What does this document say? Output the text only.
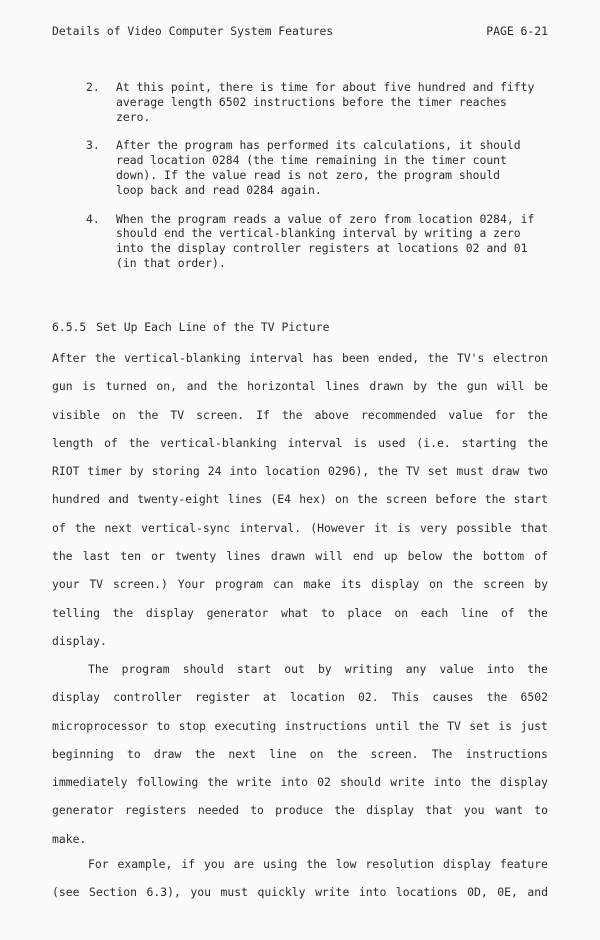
Details of Video Computer System Features	PAGE 6-21
2.	At this point, there is time for about five hundred and fifty
average length 6502 instructions before the timer reaches
zero.
3.	After the program has performed its calculations, it should
read location 0284 (the time remaining in the timer count
down). If the value read is not zero, the program should
loop back and read 0284 again.
4.	When the program reads a value of zero from location 0284, if
should end the vertical-blanking interval by writing a zero
into the display controller registers at locations 02 and 01
(in that order).
6.5.5 Set Up Each Line of the TV Picture
After the vertical-blanking interval has been ended, the TV's electron
gun is turned on, and the horizontal lines drawn by the gun will be
visible on the TV screen. If the above recommended value for the
length of the vertical-blanking interval is used (i.e. starting the
RIOT timer by storing 24 into location 0296), the TV set must draw two
hundred and twenty-eight lines (E4 hex) on the screen before the start
of the next vertical-sync interval. (However it is very possible that
the last ten or twenty lines drawn will end up below the bottom of
your TV screen.) Your program can make its display on the screen by
telling the display generator what to place on each line of the
display.
The program should start out by writing any value into the
display controller register at location 02. This causes the 6502
microprocessor to stop executing instructions until the TV set is just
beginning to draw the next line on the screen. The instructions
immediately following the write into 02 should write into the display
generator registers needed to produce the display that you want to
make.
For example, if you are using the low resolution display feature
(see Section 6.3), you must quickly write into locations 0D, 0E, and
